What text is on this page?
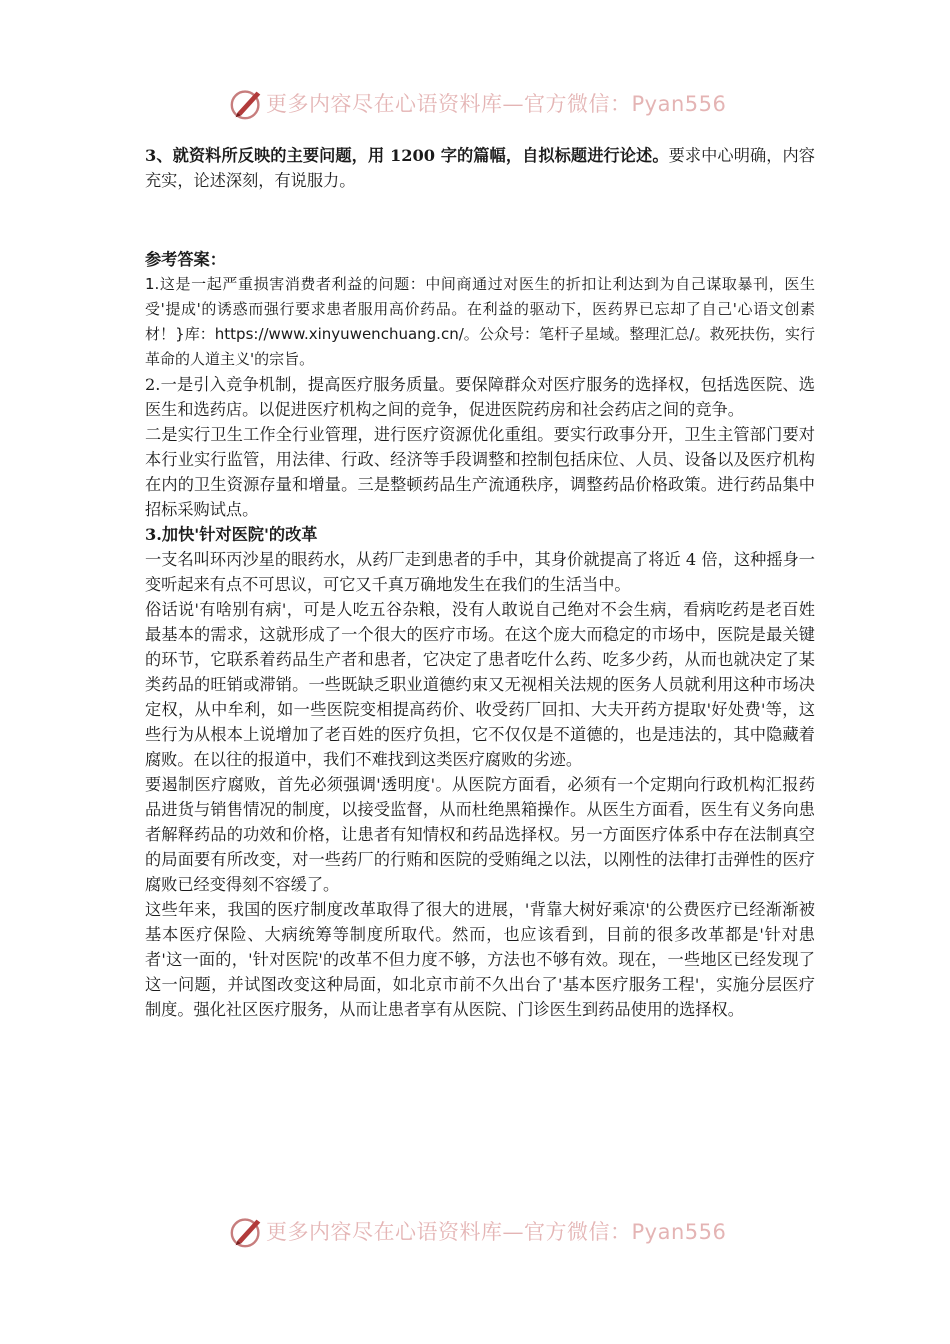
更多内容尽在心语资料库—官方微信：Pyan556

3、就资料所反映的主要问题，用 1200 字的篇幅，自拟标题进行论述。要求中心明确，内容充实，论述深刻，有说服力。

参考答案：

1.这是一起严重损害消费者利益的问题：中间商通过对医生的折扣让利达到为自己谋取暴刊，医生受'提成'的诱惑而强行要求患者服用高价药品。在利益的驱动下，医药界已忘却了自己'心语文创素材！}库：https://www.xinyuwenchuang.cn/。公众号：笔杆子星域。整理汇总/。救死扶伤，实行革命的人道主义'的宗旨。

2.一是引入竞争机制，提高医疗服务质量。要保障群众对医疗服务的选择权，包括选医院、选医生和选药店。以促进医疗机构之间的竞争，促进医院药房和社会药店之间的竞争。

二是实行卫生工作全行业管理，进行医疗资源优化重组。要实行政事分开，卫生主管部门要对本行业实行监管，用法律、行政、经济等手段调整和控制包括床位、人员、设备以及医疗机构在内的卫生资源存量和增量。三是整顿药品生产流通秩序，调整药品价格政策。进行药品集中招标采购试点。

3.加快'针对医院'的改革

一支名叫环丙沙星的眼药水，从药厂走到患者的手中，其身价就提高了将近 4 倍，这种摇身一变听起来有点不可思议，可它又千真万确地发生在我们的生活当中。

俗话说'有啥别有病'，可是人吃五谷杂粮，没有人敢说自己绝对不会生病，看病吃药是老百姓最基本的需求，这就形成了一个很大的医疗市场。在这个庞大而稳定的市场中，医院是最关键的环节，它联系着药品生产者和患者，它决定了患者吃什么药、吃多少药，从而也就决定了某类药品的旺销或滞销。一些既缺乏职业道德约束又无视相关法规的医务人员就利用这种市场决定权，从中牟利，如一些医院变相提高药价、收受药厂回扣、大夫开药方提取'好处费'等，这些行为从根本上说增加了老百姓的医疗负担，它不仅仅是不道德的，也是违法的，其中隐藏着腐败。在以往的报道中，我们不难找到这类医疗腐败的劣迹。

要遏制医疗腐败，首先必须强调'透明度'。从医院方面看，必须有一个定期向行政机构汇报药品进货与销售情况的制度，以接受监督，从而杜绝黑箱操作。从医生方面看，医生有义务向患者解释药品的功效和价格，让患者有知情权和药品选择权。另一方面医疗体系中存在法制真空的局面要有所改变，对一些药厂的行贿和医院的受贿绳之以法，以刚性的法律打击弹性的医疗腐败已经变得刻不容缓了。

这些年来，我国的医疗制度改革取得了很大的进展，'背靠大树好乘凉'的公费医疗已经渐渐被基本医疗保险、大病统筹等制度所取代。然而，也应该看到，目前的很多改革都是'针对患者'这一面的，'针对医院'的改革不但力度不够，方法也不够有效。现在，一些地区已经发现了这一问题，并试图改变这种局面，如北京市前不久出台了'基本医疗服务工程'，实施分层医疗制度。强化社区医疗服务，从而让患者享有从医院、门诊医生到药品使用的选择权。

更多内容尽在心语资料库—官方微信：Pyan556
